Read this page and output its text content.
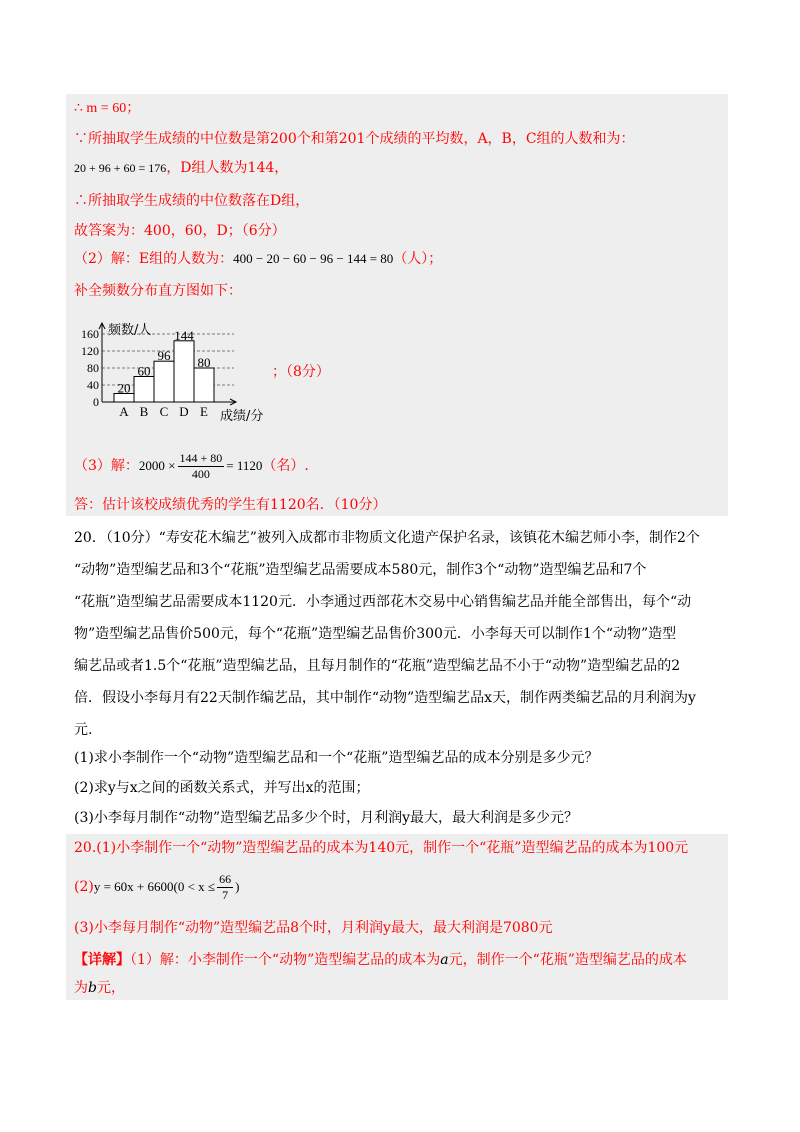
∴ m = 60；
∵所抽取学生成绩的中位数是第200个和第201个成绩的平均数，A，B，C组的人数和为：
20 + 96 + 60 = 176，D组人数为144，
∴所抽取学生成绩的中位数落在D组，
故答案为：400，60，D；（6分）
（2）解：E组的人数为：400 − 20 − 60 − 96 − 144 = 80（人）；
补全频数分布直方图如下：
0
40
80
120
160
20
A
60
B
96
C
144
D
80
E
频数/人
成绩/分
；（8分）
（3）解：$2000 \times \frac{144 + 80}{400} = 1120$（名）.
答：估计该校成绩优秀的学生有1120名．（10分）
20．（10分）“寿安花木编艺”被列入成都市非物质文化遗产保护名录，该镇花木编艺师小李，制作2个
“动物”造型编艺品和3个“花瓶”造型编艺品需要成本580元，制作3个“动物”造型编艺品和7个
“花瓶”造型编艺品需要成本1120元．小李通过西部花木交易中心销售编艺品并能全部售出，每个“动
物”造型编艺品售价500元，每个“花瓶”造型编艺品售价300元．小李每天可以制作1个“动物”造型
编艺品或者1.5个“花瓶”造型编艺品，且每月制作的“花瓶”造型编艺品不小于“动物”造型编艺品的2
倍．假设小李每月有22天制作编艺品，其中制作“动物”造型编艺品x天，制作两类编艺品的月利润为y
元.
(1)求小李制作一个“动物”造型编艺品和一个“花瓶”造型编艺品的成本分别是多少元？
(2)求y与x之间的函数关系式，并写出x的范围；
(3)小李每月制作“动物”造型编艺品多少个时，月利润y最大，最大利润是多少元？
20.(1)小李制作一个“动物”造型编艺品的成本为140元，制作一个“花瓶”造型编艺品的成本为100元
$(2)y = 60x + 6600(0 < x \le \frac{66}{7}$ )
(3)小李每月制作“动物”造型编艺品8个时，月利润y最大，最大利润是7080元
【详解】（1）解：小李制作一个“动物”造型编艺品的成本为a元，制作一个“花瓶”造型编艺品的成本
为b元，
